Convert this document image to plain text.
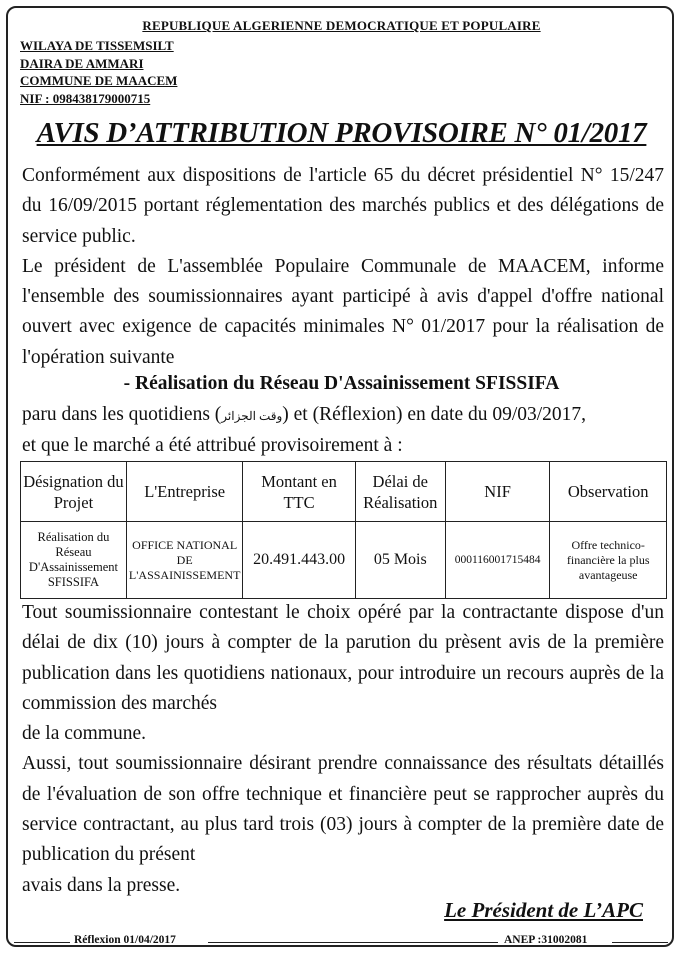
REPUBLIQUE ALGERIENNE DEMOCRATIQUE ET POPULAIRE
WILAYA DE TISSEMSILT
DAIRA DE AMMARI
COMMUNE DE MAACEM
NIF : 098438179000715
AVIS D’ATTRIBUTION PROVISOIRE N° 01/2017

Conformément aux dispositions de l'article 65 du décret présidentiel N° 15/247 du 16/09/2015 portant réglementation des marchés publics et des délégations de service public.

Le président de L'assemblée Populaire Communale de MAACEM, informe l'ensemble des soumissionnaires ayant participé à avis d'appel d'offre national ouvert avec exigence de capacités minimales N° 01/2017 pour la réalisation de l'opération suivante

- Réalisation du Réseau D'Assainissement SFISSIFA

paru dans les quotidiens (وقت الجزائر) et (Réflexion) en date du 09/03/2017,

et que le marché a été attribué provisoirement à :

Désignation du Projet	L'Entreprise	Montant en TTC	Délai de Réalisation	NIF	Observation
Réalisation du Réseau D'Assainissement SFISSIFA	OFFICE NATIONAL DE L'ASSAINISSEMENT	20.491.443.00	05 Mois	000116001715484	Offre technico-financière la plus avantageuse

Tout soumissionnaire contestant le choix opéré par la contractante dispose d'un délai de dix (10) jours à compter de la parution du prèsent avis de la première publication dans les quotidiens nationaux, pour introduire un recours auprès de la commission des marchés

de la commune.

Aussi, tout soumissionnaire désirant prendre connaissance des résultats détaillés de l'évaluation de son offre technique et financière peut se rapprocher auprès du service contractant, au plus tard trois (03) jours à compter de la première date de publication du présent

avais dans la presse.

Le Président de L’APC
Réflexion 01/04/2017	ANEP :31002081
